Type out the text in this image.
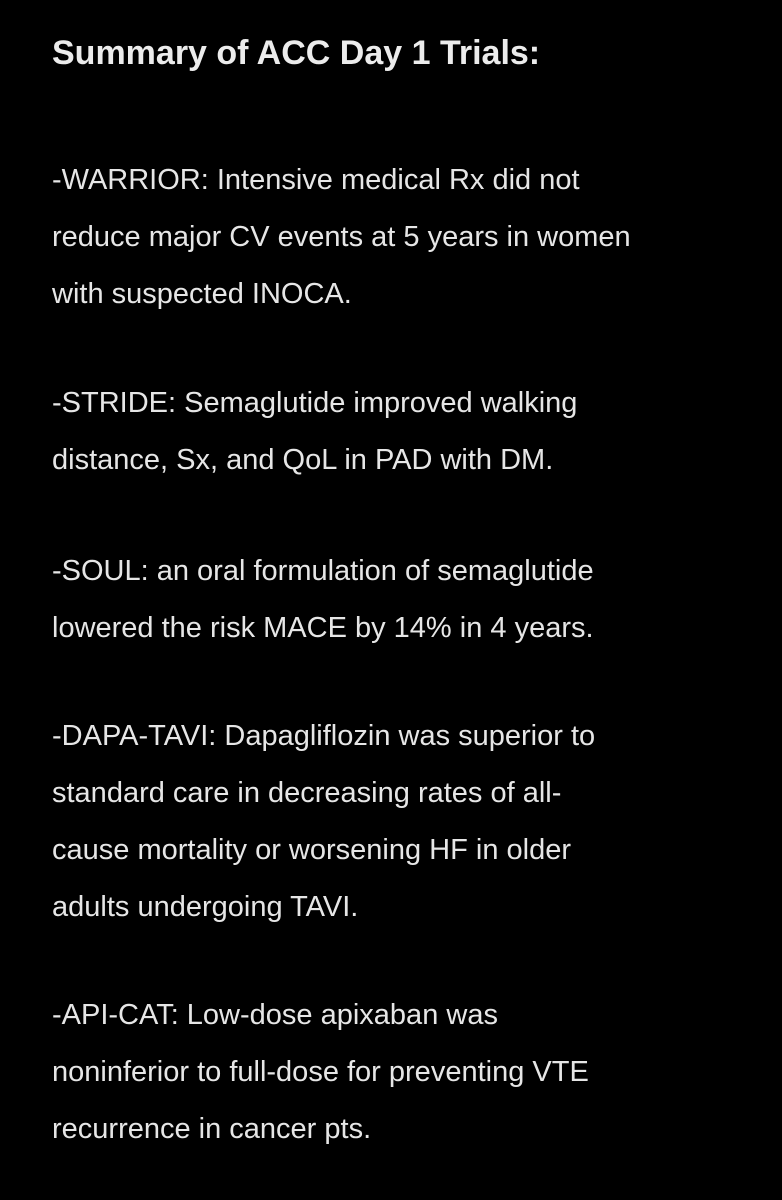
Summary of ACC Day 1 Trials:

-WARRIOR: Intensive medical Rx did not
reduce major CV events at 5 years in women
with suspected INOCA.

-STRIDE: Semaglutide improved walking
distance, Sx, and QoL in PAD with DM.

-SOUL: an oral formulation of semaglutide
lowered the risk MACE by 14% in 4 years.

-DAPA-TAVI: Dapagliflozin was superior to
standard care in decreasing rates of all-
cause mortality or worsening HF in older
adults undergoing TAVI.

-API-CAT: Low-dose apixaban was
noninferior to full-dose for preventing VTE
recurrence in cancer pts.
